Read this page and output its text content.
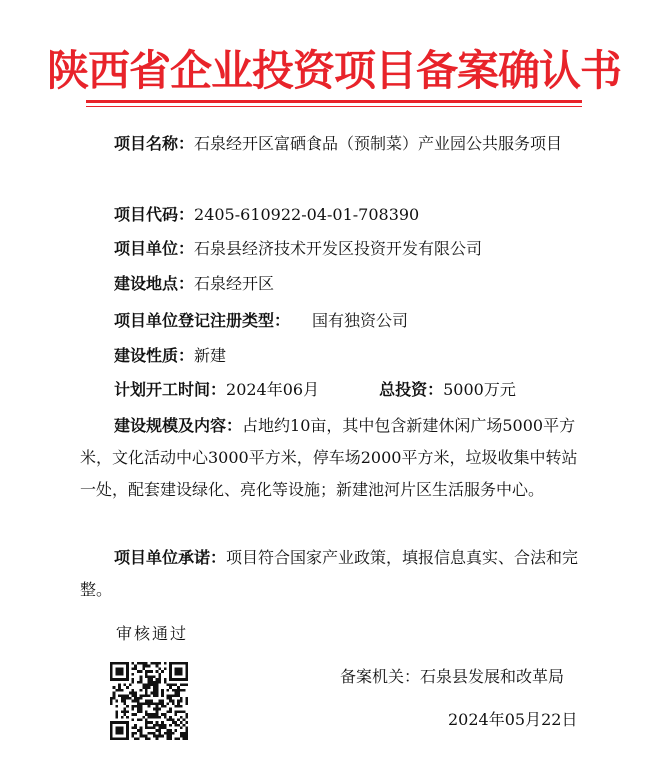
陕西省企业投资项目备案确认书
项目名称：石泉经开区富硒食品（预制菜）产业园公共服务项目
项目代码：2405-610922-04-01-708390
项目单位：石泉县经济技术开发区投资开发有限公司
建设地点：石泉经开区
项目单位登记注册类型： 国有独资公司
建设性质：新建
计划开工时间：2024年06月	总投资：5000万元
建设规模及内容：占地约10亩，其中包含新建休闲广场5000平方米，文化活动中心3000平方米，停车场2000平方米，垃圾收集中转站一处，配套建设绿化、亮化等设施；新建池河片区生活服务中心。
项目单位承诺：项目符合国家产业政策，填报信息真实、合法和完整。
审核通过
备案机关：石泉县发展和改革局
2024年05月22日
